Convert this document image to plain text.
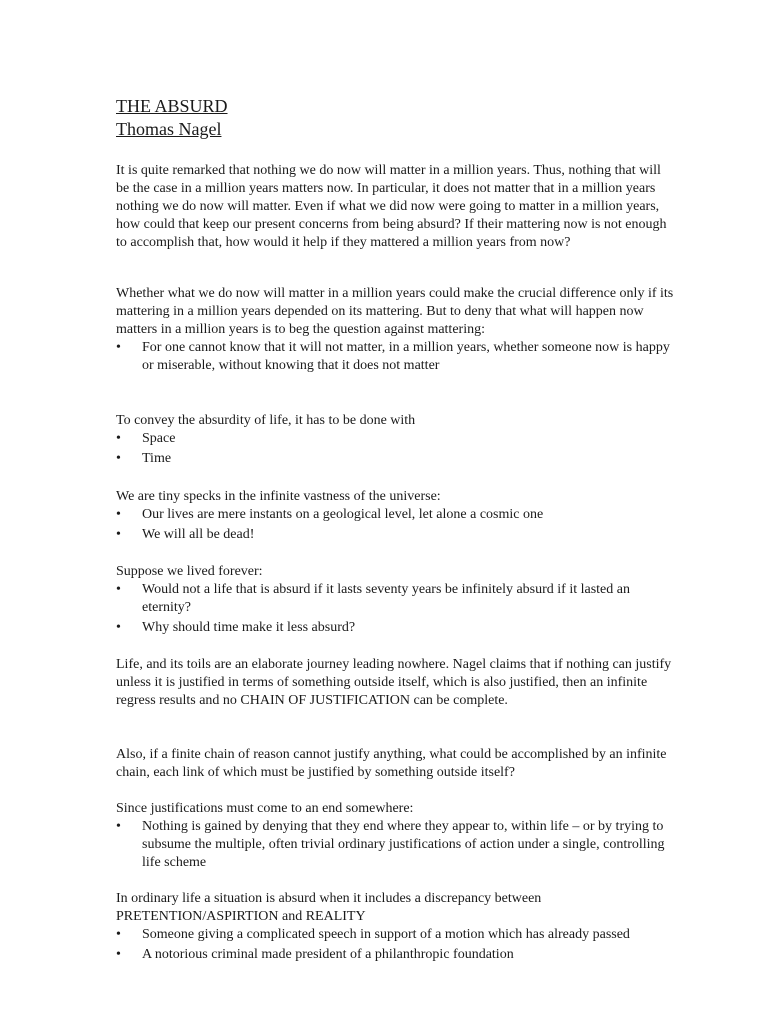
THE ABSURD
Thomas Nagel

It is quite remarked that nothing we do now will matter in a million years. Thus, nothing that will be the case in a million years matters now. In particular, it does not matter that in a million years nothing we do now will matter. Even if what we did now were going to matter in a million years, how could that keep our present concerns from being absurd? If their mattering now is not enough to accomplish that, how would it help if they mattered a million years from now?

Whether what we do now will matter in a million years could make the crucial difference only if its mattering in a million years depended on its mattering. But to deny that what will happen now matters in a million years is to beg the question against mattering:

• For one cannot know that it will not matter, in a million years, whether someone now is happy or miserable, without knowing that it does not matter

To convey the absurdity of life, it has to be done with

• Space
• Time

We are tiny specks in the infinite vastness of the universe:

• Our lives are mere instants on a geological level, let alone a cosmic one
• We will all be dead!

Suppose we lived forever:

• Would not a life that is absurd if it lasts seventy years be infinitely absurd if it lasted an eternity?
• Why should time make it less absurd?

Life, and its toils are an elaborate journey leading nowhere. Nagel claims that if nothing can justify unless it is justified in terms of something outside itself, which is also justified, then an infinite regress results and no CHAIN OF JUSTIFICATION can be complete.

Also, if a finite chain of reason cannot justify anything, what could be accomplished by an infinite chain, each link of which must be justified by something outside itself?

Since justifications must come to an end somewhere:

• Nothing is gained by denying that they end where they appear to, within life – or by trying to subsume the multiple, often trivial ordinary justifications of action under a single, controlling life scheme

In ordinary life a situation is absurd when it includes a discrepancy between PRETENTION/ASPIRTION and REALITY

• Someone giving a complicated speech in support of a motion which has already passed
• A notorious criminal made president of a philanthropic foundation
